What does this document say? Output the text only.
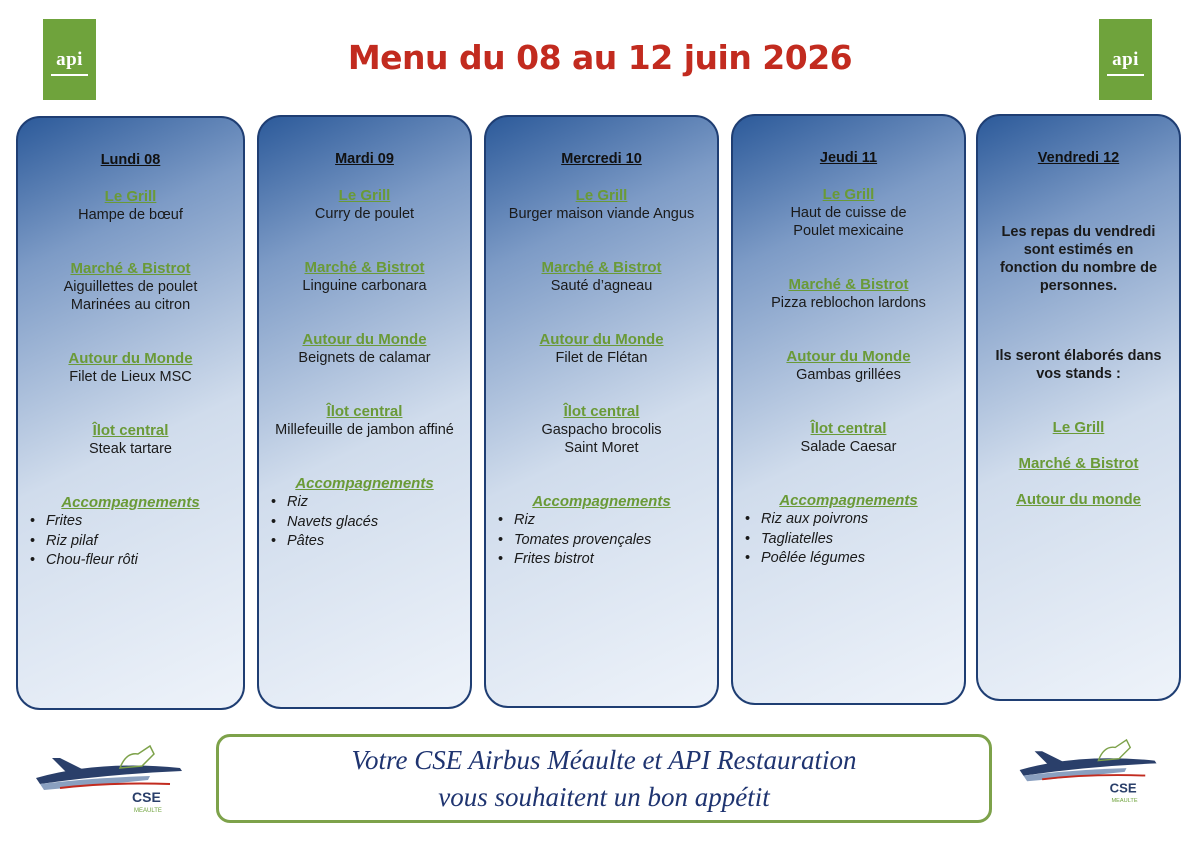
api	api
Menu du 08 au 12 juin 2026
Lundi 08
Le Grill
Hampe de bœuf
Marché & Bistrot
Aiguillettes de poulet
Marinées au citron
Autour du Monde
Filet de Lieux MSC
Îlot central
Steak tartare
Accompagnements
• Frites
• Riz pilaf
• Chou-fleur rôti
Mardi 09
Le Grill
Curry de poulet
Marché & Bistrot
Linguine carbonara
Autour du Monde
Beignets de calamar
Îlot central
Millefeuille de jambon affiné
Accompagnements
• Riz
• Navets glacés
• Pâtes
Mercredi 10
Le Grill
Burger maison viande Angus
Marché & Bistrot
Sauté d’agneau
Autour du Monde
Filet de Flétan
Îlot central
Gaspacho brocolis
Saint Moret
Accompagnements
• Riz
• Tomates provençales
• Frites bistrot
Jeudi 11
Le Grill
Haut de cuisse de
Poulet mexicaine
Marché & Bistrot
Pizza reblochon lardons
Autour du Monde
Gambas grillées
Îlot central
Salade Caesar
Accompagnements
• Riz aux poivrons
• Tagliatelles
• Poêlée légumes
Vendredi 12
Les repas du vendredi
sont estimés en
fonction du nombre de
personnes.
Ils seront élaborés dans
vos stands :
Le Grill
Marché & Bistrot
Autour du monde
Votre CSE Airbus Méaulte et API Restauration
vous souhaitent un bon appétit
CSE
MEAULTE
CSE
MEAULTE
